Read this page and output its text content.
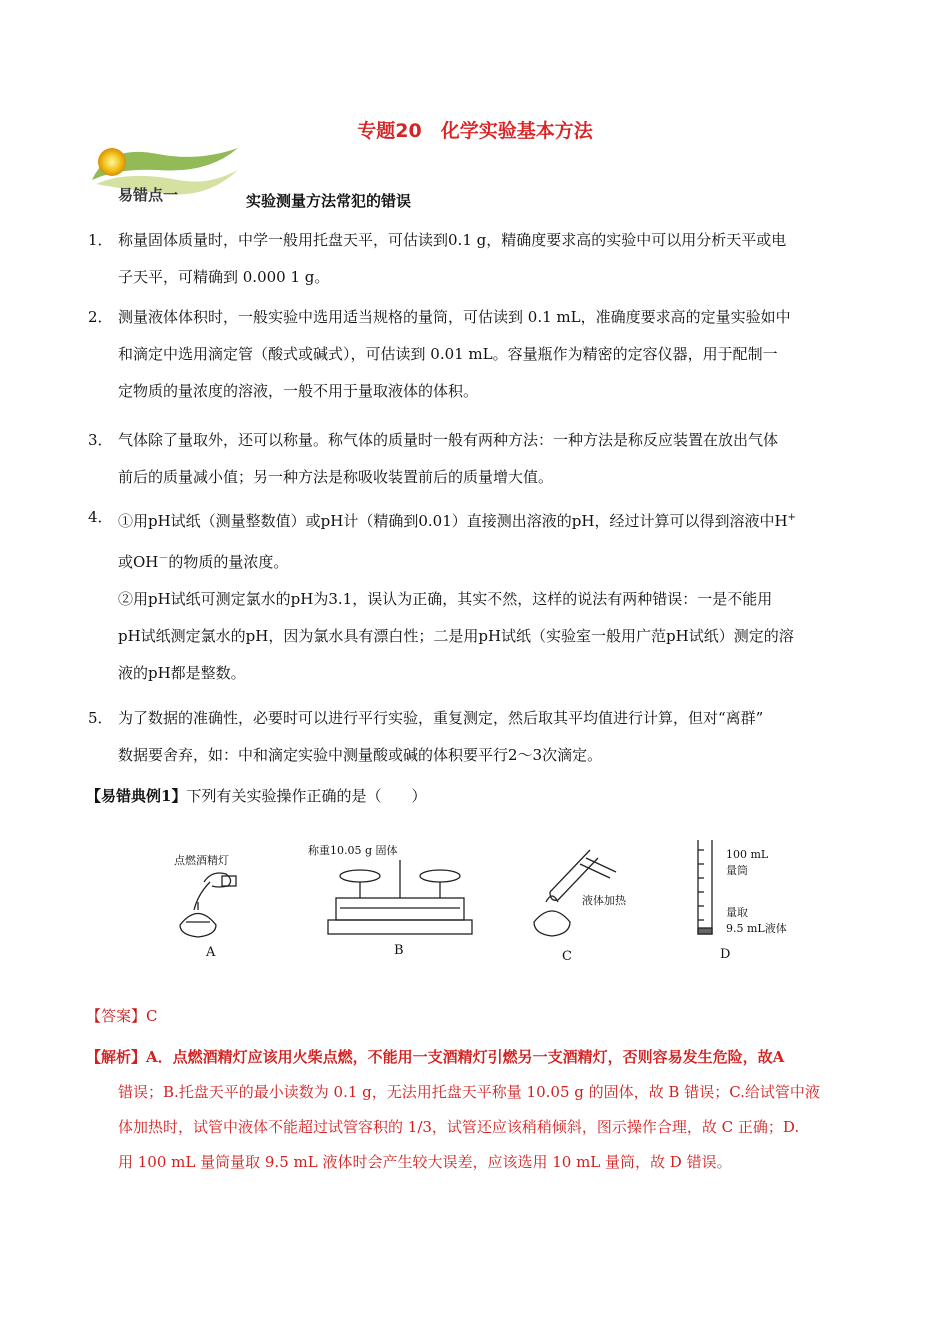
专题20　化学实验基本方法
易错点一	实验测量方法常犯的错误
1． 称量固体质量时，中学一般用托盘天平，可估读到0.1 g，精确度要求高的实验中可以用分析天平或电
子天平，可精确到 0.000 1 g。
2． 测量液体体积时，一般实验中选用适当规格的量筒，可估读到 0.1 mL，准确度要求高的定量实验如中
和滴定中选用滴定管（酸式或碱式），可估读到 0.01 mL。容量瓶作为精密的定容仪器，用于配制一
定物质的量浓度的溶液，一般不用于量取液体的体积。
3． 气体除了量取外，还可以称量。称气体的质量时一般有两种方法：一种方法是称反应装置在放出气体
前后的质量减小值；另一种方法是称吸收装置前后的质量增大值。
4． ①用pH试纸（测量整数值）或pH计（精确到0.01）直接测出溶液的pH，经过计算可以得到溶液中H+
或OH－的物质的量浓度。
②用pH试纸可测定氯水的pH为3.1，误认为正确，其实不然，这样的说法有两种错误：一是不能用
pH试纸测定氯水的pH，因为氯水具有漂白性；二是用pH试纸（实验室一般用广范pH试纸）测定的溶
液的pH都是整数。
5． 为了数据的准确性，必要时可以进行平行实验，重复测定，然后取其平均值进行计算，但对“离群”
数据要舍弃，如：中和滴定实验中测量酸或碱的体积要平行2～3次滴定。
【易错典例1】下列有关实验操作正确的是（　　）
点燃酒精灯
A
称重10.05 g 固体
B
液体加热
C
100 mL
量筒
量取
9.5 mL液体
D
【答案】C
【解析】A．点燃酒精灯应该用火柴点燃，不能用一支酒精灯引燃另一支酒精灯，否则容易发生危险，故A
错误；B.托盘天平的最小读数为 0.1 g，无法用托盘天平称量 10.05 g 的固体，故 B 错误；C.给试管中液
体加热时，试管中液体不能超过试管容积的 1/3，试管还应该稍稍倾斜，图示操作合理，故 C 正确；D.
用 100 mL 量筒量取 9.5 mL 液体时会产生较大误差，应该选用 10 mL 量筒，故 D 错误。
